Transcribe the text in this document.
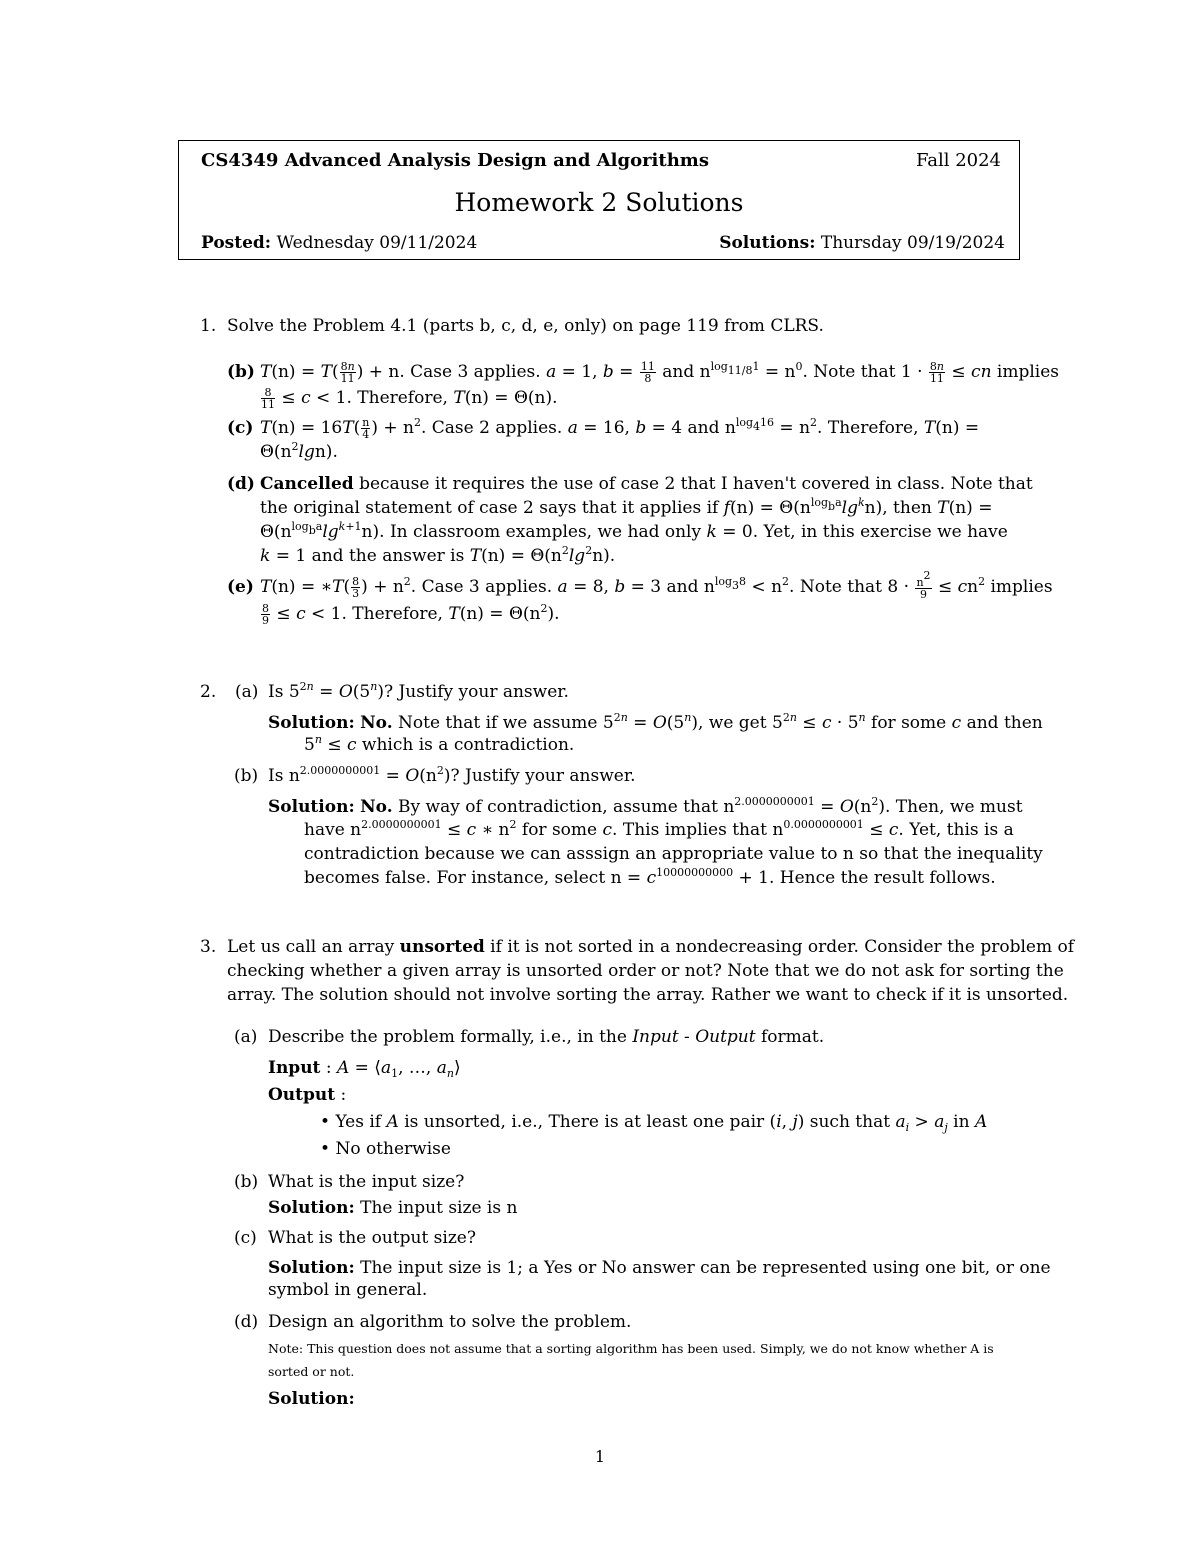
CS4349 Advanced Analysis Design and Algorithms	Fall 2024
Homework 2 Solutions
Posted: Wednesday 09/11/2024	Solutions: Thursday 09/19/2024
1. Solve the Problem 4.1 (parts b, c, d, e, only) on page 119 from CLRS.
(b) $T(n) = T( \frac{8n}{11}$ ) + n. Case 3 applies. a = 1, $b = \frac{11}{8}$ and $n^{log_{11/8}1} = n^0$. Note that $1 \cdot \frac{8n}{11}$ ≤ cn implies
$\frac{8}{11} \le c < 1$. Therefore, T(n) = Θ(n).
(c) $T(n) = 16T( \frac{n}{4}$ ) + $n^2$. Case 2 applies. a = 16, b = 4 and $n^{log_416} = n^2$. Therefore, T(n) =
$\Theta(n^2\lg n)$.
(d) Cancelled because it requires the use of case 2 that I haven't covered in class. Note that
the original statement of case 2 says that it applies if $f(n) = \Theta(n^{log_ba}\lg^kn)$, then T(n) =
$\Theta(n^{log_ba}\lg^{k+1}n)$. In classroom examples, we had only k = 0. Yet, in this exercise we have
k = 1 and the answer is $T(n) = \Theta(n^2\lg^2n)$.
(e) T(n) = ∗T( $\frac{8}{3}$ ) + $n^2$. Case 3 applies. a = 8, b = 3 and $n^{log_38} < n^2$. Note that $8 \cdot \frac{n^2}{9} \le cn^2$ implies
$\frac{8}{9} \le c < 1$. Therefore, $T(n) = \Theta(n^2)$.
2. (a) Is $5^{2n} = O(5^n)$? Justify your answer.
Solution: No. Note that if we assume $5^{2n} = O(5^n)$, we get $5^{2n} \le c \cdot 5^n$ for some c and then
$5^n \le c$ which is a contradiction.
(b) Is $n^{2.0000000001} = O(n^2)$? Justify your answer.
Solution: No. By way of contradiction, assume that $n^{2.0000000001} = O(n^2)$. Then, we must
have $n^{2.0000000001} \le c$ ∗ $n^2$ for some c. This implies that $n^{0.0000000001} \le c$. Yet, this is a
contradiction because we can asssign an appropriate value to n so that the inequality
becomes false. For instance, select $n = c^{10000000000} + 1$. Hence the result follows.
3. Let us call an array unsorted if it is not sorted in a nondecreasing order. Consider the problem of
checking whether a given array is unsorted order or not? Note that we do not ask for sorting the
array. The solution should not involve sorting the array. Rather we want to check if it is unsorted.
(a) Describe the problem formally, i.e., in the Input - Output format.
Input : $A = ⟨a_1$, …, $a_n⟩$
Output :
• Yes if A is unsorted, i.e., There is at least one pair (i, j) such that $a_i > a_j$ in A
• No otherwise
(b) What is the input size?
Solution: The input size is n
(c) What is the output size?
Solution: The input size is 1; a Yes or No answer can be represented using one bit, or one
symbol in general.
(d) Design an algorithm to solve the problem.
Note: This question does not assume that a sorting algorithm has been used. Simply, we do not know whether A is
sorted or not.
Solution:
1
